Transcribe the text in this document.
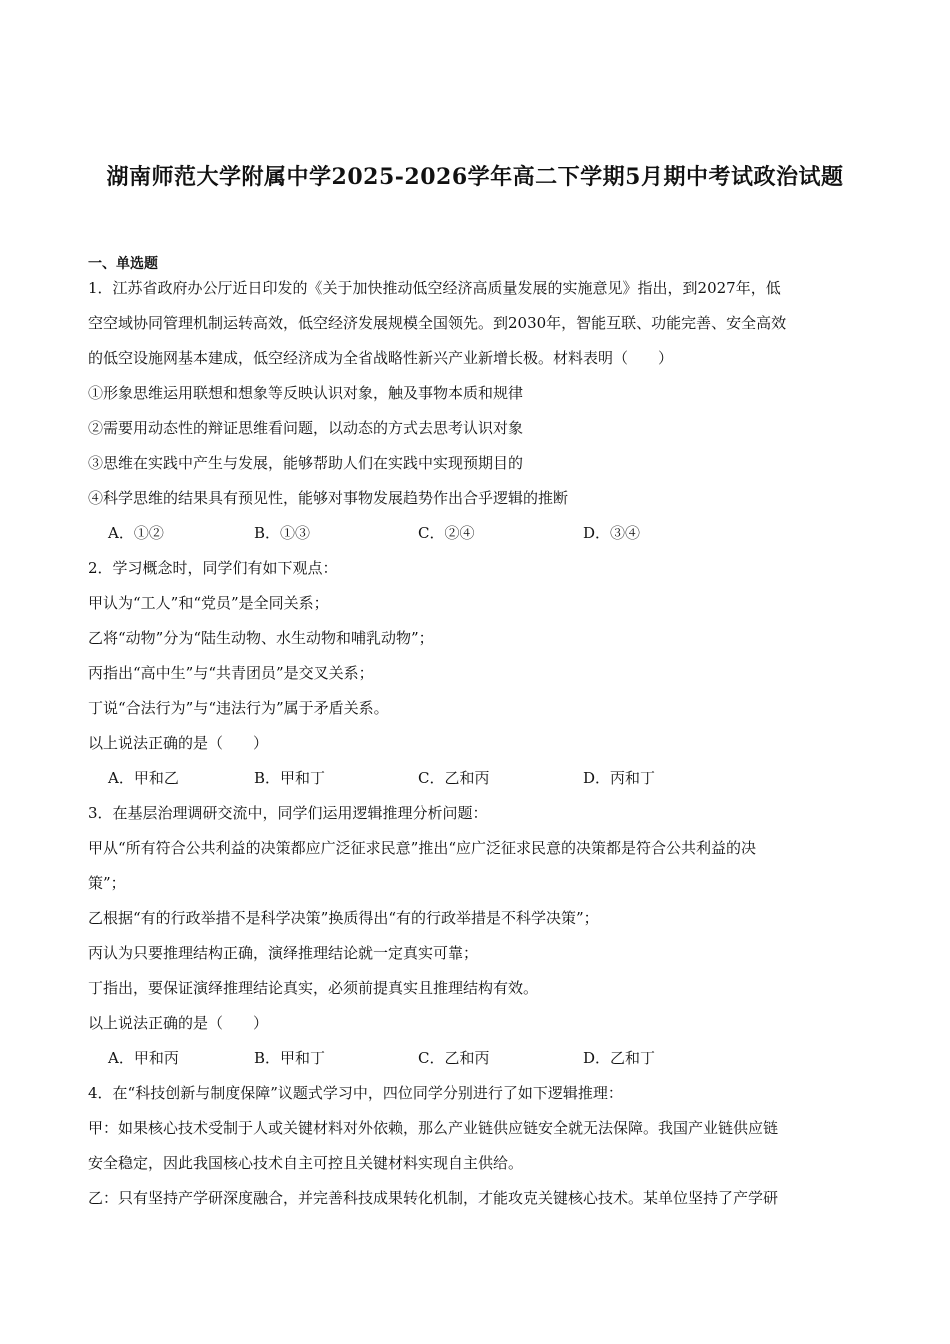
湖南师范大学附属中学2025-2026学年高二下学期5月期中考试政治试题
一、单选题
1．江苏省政府办公厅近日印发的《关于加快推动低空经济高质量发展的实施意见》指出，到2027年，低
空空域协同管理机制运转高效，低空经济发展规模全国领先。到2030年，智能互联、功能完善、安全高效
的低空设施网基本建成，低空经济成为全省战略性新兴产业新增长极。材料表明（　　）
①形象思维运用联想和想象等反映认识对象，触及事物本质和规律
②需要用动态性的辩证思维看问题，以动态的方式去思考认识对象
③思维在实践中产生与发展，能够帮助人们在实践中实现预期目的
④科学思维的结果具有预见性，能够对事物发展趋势作出合乎逻辑的推断
A．①②	B．①③	C．②④	D．③④
2．学习概念时，同学们有如下观点：
甲认为“工人”和“党员”是全同关系；
乙将“动物”分为“陆生动物、水生动物和哺乳动物”；
丙指出“高中生”与“共青团员”是交叉关系；
丁说“合法行为”与“违法行为”属于矛盾关系。
以上说法正确的是（　　）
A．甲和乙	B．甲和丁	C．乙和丙	D．丙和丁
3．在基层治理调研交流中，同学们运用逻辑推理分析问题：
甲从“所有符合公共利益的决策都应广泛征求民意”推出“应广泛征求民意的决策都是符合公共利益的决
策”；
乙根据“有的行政举措不是科学决策”换质得出“有的行政举措是不科学决策”；
丙认为只要推理结构正确，演绎推理结论就一定真实可靠；
丁指出，要保证演绎推理结论真实，必须前提真实且推理结构有效。
以上说法正确的是（　　）
A．甲和丙	B．甲和丁	C．乙和丙	D．乙和丁
4．在“科技创新与制度保障”议题式学习中，四位同学分别进行了如下逻辑推理：
甲：如果核心技术受制于人或关键材料对外依赖，那么产业链供应链安全就无法保障。我国产业链供应链
安全稳定，因此我国核心技术自主可控且关键材料实现自主供给。
乙：只有坚持产学研深度融合，并完善科技成果转化机制，才能攻克关键核心技术。某单位坚持了产学研
